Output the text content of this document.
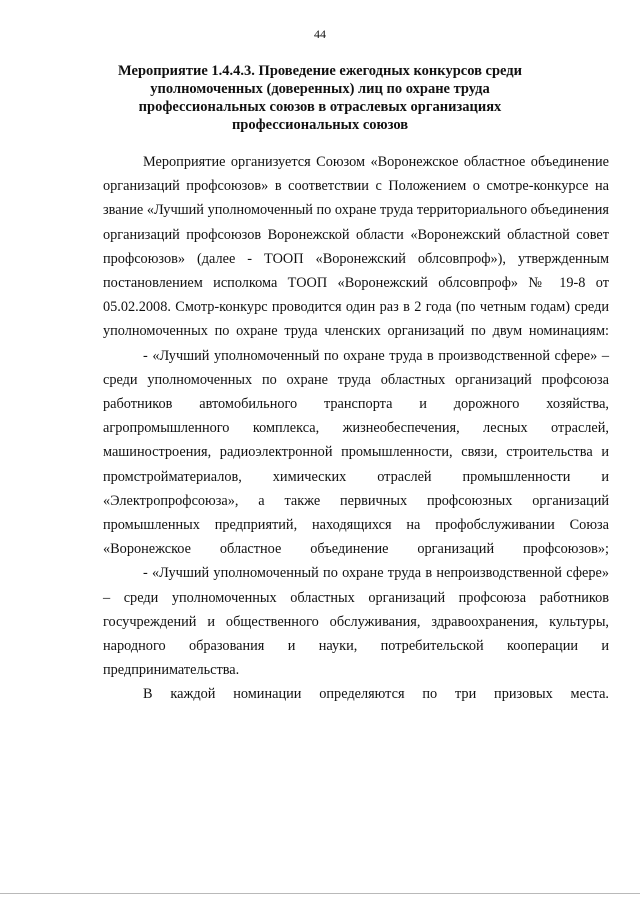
44
Мероприятие 1.4.4.3. Проведение ежегодных конкурсов среди
уполномоченных (доверенных) лиц по охране труда
профессиональных союзов в отраслевых организациях
профессиональных союзов

Мероприятие организуется Союзом «Воронежское областное объединение организаций профсоюзов» в соответствии с Положением о смотре-конкурсе на звание «Лучший уполномоченный по охране труда территориального объединения организаций профсоюзов Воронежской области «Воронежский областной совет профсоюзов» (далее - ТООП «Воронежский облсовпроф»), утвержденным постановлением исполкома ТООП «Воронежский облсовпроф» № 19-8 от 05.02.2008. Смотр-конкурс проводится один раз в 2 года (по четным годам) среди уполномоченных по охране труда членских организаций по двум номинациям:

- «Лучший уполномоченный по охране труда в производственной сфере» – среди уполномоченных по охране труда областных организаций профсоюза работников автомобильного транспорта и дорожного хозяйства, агропромышленного комплекса, жизнеобеспечения, лесных отраслей, машиностроения, радиоэлектронной промышленности, связи, строительства и промстройматериалов, химических отраслей промышленности и «Электропрофсоюза», а также первичных профсоюзных организаций промышленных предприятий, находящихся на профобслуживании Союза «Воронежское областное объединение организаций профсоюзов»;

- «Лучший уполномоченный по охране труда в непроизводственной сфере» – среди уполномоченных областных организаций профсоюза работников госучреждений и общественного обслуживания, здравоохранения, культуры, народного образования и науки, потребительской кооперации и предпринимательства.

В каждой номинации определяются по три призовых места.
